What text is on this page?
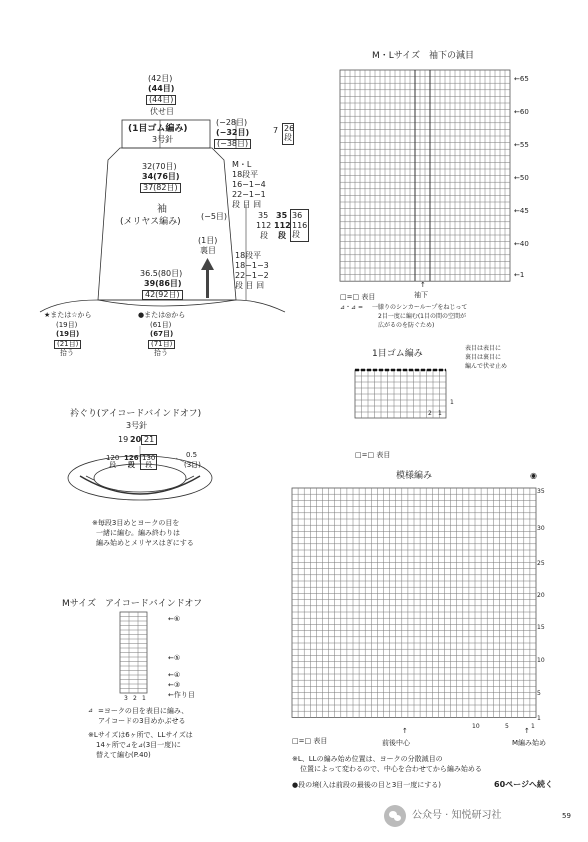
(42目)
(44目)
(44目)
伏せ目
(1目ゴム編み)
3号針
(−28目)
(−32目)
(−38目)
7 26
段
32(70目)
34(76目)
37(82目)
M・L
18段平
16−1−4
22−1−1
段 目 回
袖
(メリヤス編み)
(−5目)	35
112
段
35
112
段
36
116
段
(1目)
裏目
18段平
18−1−3
22−1−2
段 目 回
36.5(80目)
39(86目)
42(92目)
★または☆から
(19目)
(19目)
(21目)
拾う
●または◎から
(61目)
(67目)
(71目)
拾う
M・Lサイズ　袖下の減目
←65
←60
←55
←50
←45
←40
←1
↑
袖下
□=□ 表目
⊿・⊿ = 一膝りのシンカーループをねじって
2目一度に編む(1目の間の空間が
広がるのを防ぐため)
1目ゴム編み
表目は表目に
裏目は裏目に
編んで伏せ止め
2 1
1
□=□ 表目
衿ぐり(アイコードバインドオフ)
3号針
19 20 21
120
段
126
段
130
段
0.5
(3目)
※毎段3目めとヨークの目を
一緒に編む。編み終わりは
編み始めとメリヤスはぎにする
Mサイズ　アイコードバインドオフ
←⑥
←⑤
←④
←③
←作り目
3 2 1
⊿ =ヨークの目を表目に編み、
アイコードの3目めかぶせる
※Lサイズは6ヶ所で、LLサイズは
14ヶ所で⊿を⊿(3目一度)に
替えて編む(P.40)
模様編み	◉
35
30
25
20
15
10
5
1
10	5	1
↑
前後中心
↑
M編み始め
□=□ 表目
※L、LLの編み始め位置は、ヨークの分散減目の
位置によって変わるので、中心を合わせてから編み始める
●段の境(入は前段の最後の目と3目一度にする)	60ページへ続く
公众号 · 知悦研习社	59
